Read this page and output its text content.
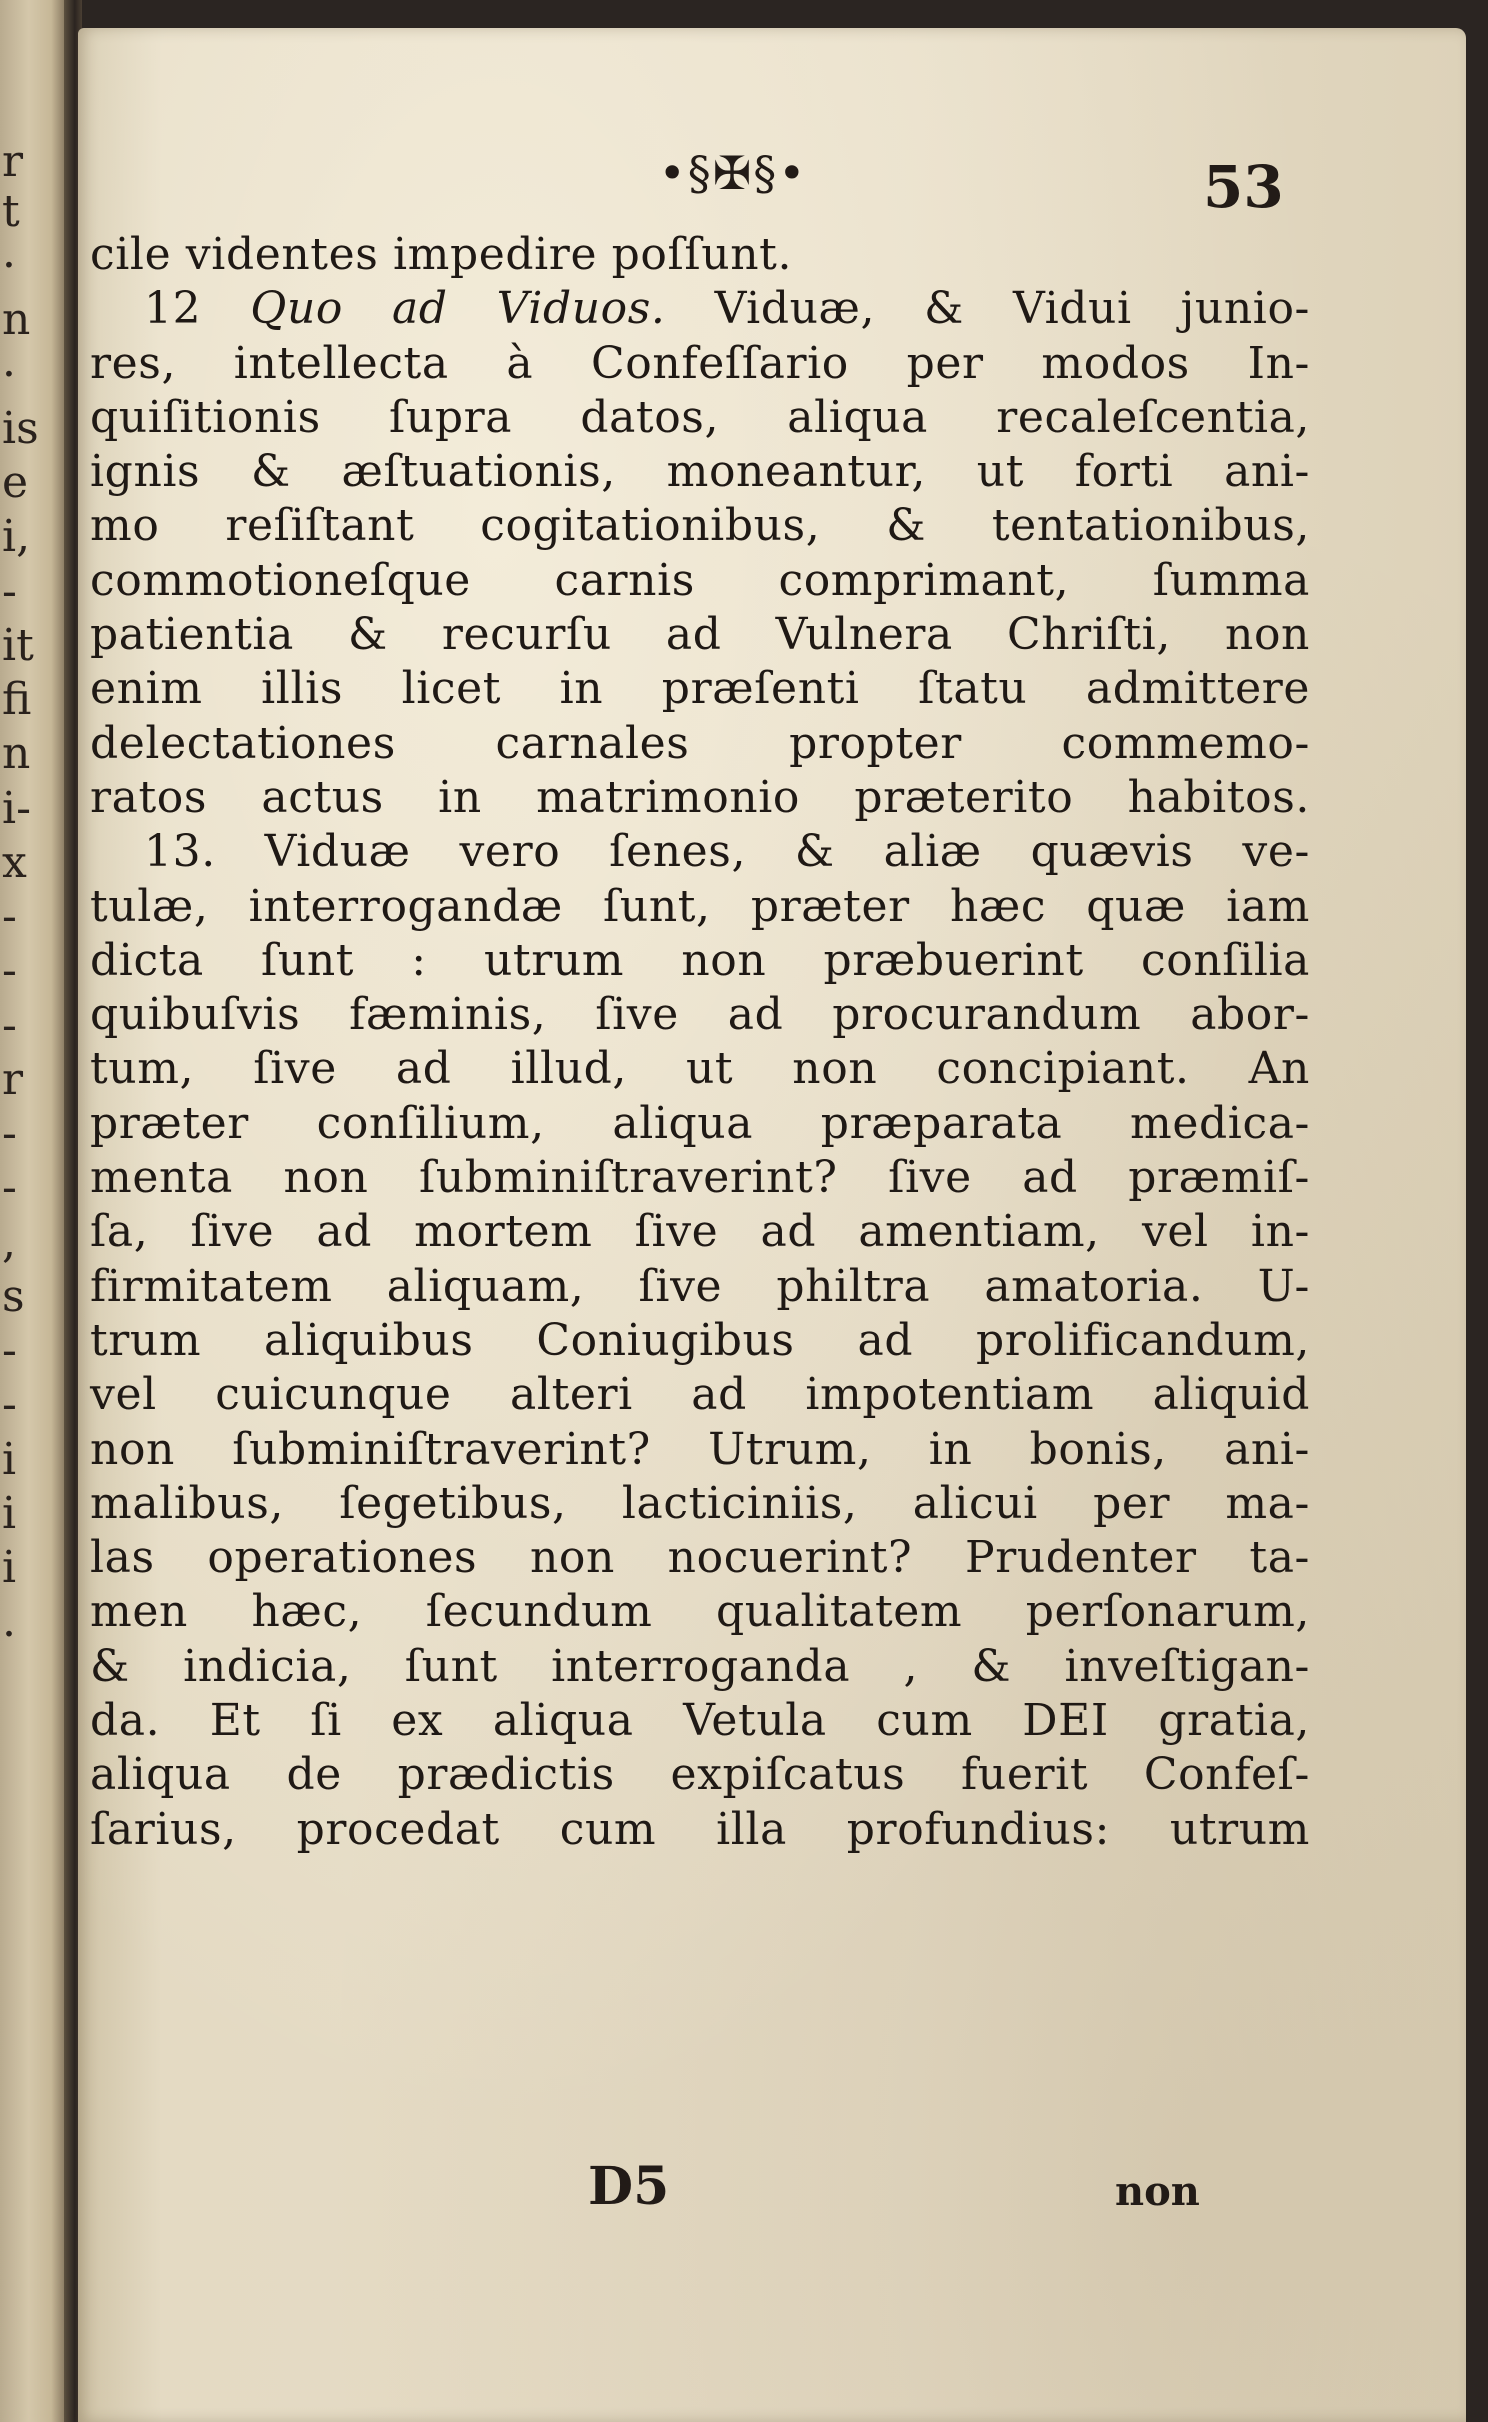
r
t
·
n
·
is
e
i,
-
it
fi
n
i-
x
-
-
-
r
-
-
,
s
-
-
i
i
i
.
•§✠§•	53
cile videntes impedire poſſunt.
12 Quo ad Viduos. Viduæ, & Vidui junio-
res, intellecta à Confeſſario per modos In-
quiſitionis ſupra datos, aliqua recaleſcentia,
ignis & æſtuationis, moneantur, ut forti ani-
mo reſiſtant cogitationibus, & tentationibus,
commotioneſque carnis comprimant, ſumma
patientia & recurſu ad Vulnera Chriſti, non
enim illis licet in præſenti ſtatu admittere
delectationes carnales propter commemo-
ratos actus in matrimonio præterito habitos.
13. Viduæ vero ſenes, & aliæ quævis ve-
tulæ, interrogandæ ſunt, præter hæc quæ iam
dicta ſunt : utrum non præbuerint conſilia
quibuſvis fæminis, ſive ad procurandum abor-
tum, ſive ad illud, ut non concipiant. An
præter conſilium, aliqua præparata medica-
menta non ſubminiſtraverint? ſive ad præmiſ-
ſa, ſive ad mortem ſive ad amentiam, vel in-
firmitatem aliquam, ſive philtra amatoria. U-
trum aliquibus Coniugibus ad prolificandum,
vel cuicunque alteri ad impotentiam aliquid
non ſubminiſtraverint? Utrum, in bonis, ani-
malibus, ſegetibus, lacticiniis, alicui per ma-
las operationes non nocuerint? Prudenter ta-
men hæc, ſecundum qualitatem perſonarum,
& indicia, ſunt interroganda , & inveſtigan-
da. Et ſi ex aliqua Vetula cum DEI gratia,
aliqua de prædictis expiſcatus fuerit Confeſ-
ſarius, procedat cum illa profundius: utrum
D5	non
